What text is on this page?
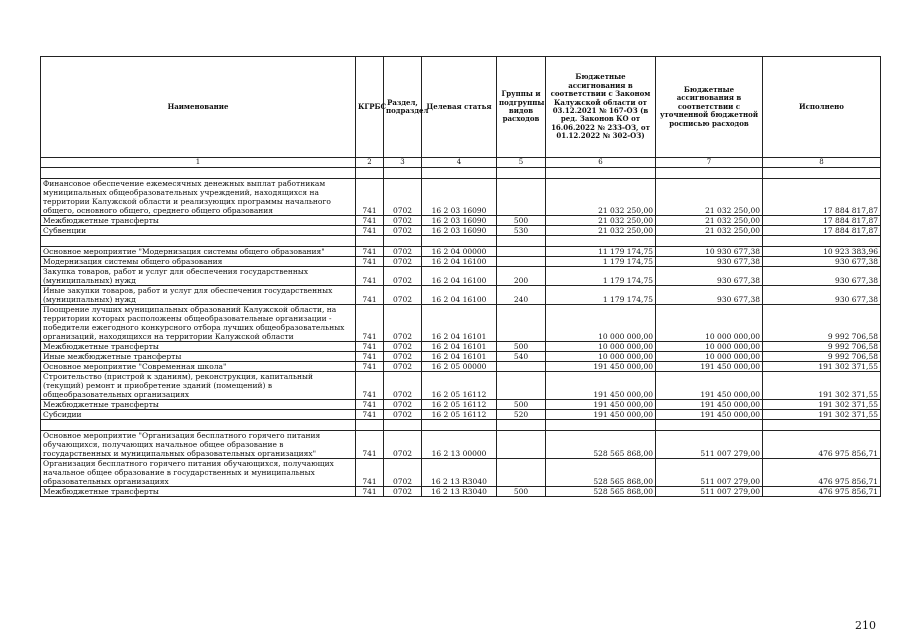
Наименование	КГРБС	Раздел, подраздел	Целевая статья	Группы и подгруппы видов расходов	Бюджетные ассигнования в соответствии с Законом Калужской области от 03.12.2021 № 167-ОЗ (в ред. Законов КО от 16.06.2022 № 233-ОЗ, от 01.12.2022 № 302-ОЗ)	Бюджетные ассигнования в соответствии с уточненной бюджетной росписью расходов	Исполнено
1	2	3	4	5	6	7	8

Финансовое обеспечение ежемесячных денежных выплат работникам муниципальных общеобразовательных учреждений, находящихся на территории Калужской области и реализующих программы начального общего, основного общего, среднего общего образования	741	0702	16 2 03 16090		21 032 250,00	21 032 250,00	17 884 817,87
Межбюджетные трансферты	741	0702	16 2 03 16090	500	21 032 250,00	21 032 250,00	17 884 817,87
Субвенции	741	0702	16 2 03 16090	530	21 032 250,00	21 032 250,00	17 884 817,87

Основное мероприятие "Модернизация системы общего образования"	741	0702	16 2 04 00000		11 179 174,75	10 930 677,38	10 923 383,96
Модернизация системы общего образования	741	0702	16 2 04 16100		1 179 174,75	930 677,38	930 677,38
Закупка товаров, работ и услуг для обеспечения государственных (муниципальных) нужд	741	0702	16 2 04 16100	200	1 179 174,75	930 677,38	930 677,38
Иные закупки товаров, работ и услуг для обеспечения государственных (муниципальных) нужд	741	0702	16 2 04 16100	240	1 179 174,75	930 677,38	930 677,38
Поощрение лучших муниципальных образований Калужской области, на территории которых расположены общеобразовательные организации - победители ежегодного конкурсного отбора лучших общеобразовательных организаций, находящихся на территории Калужской области	741	0702	16 2 04 16101		10 000 000,00	10 000 000,00	9 992 706,58
Межбюджетные трансферты	741	0702	16 2 04 16101	500	10 000 000,00	10 000 000,00	9 992 706,58
Иные межбюджетные трансферты	741	0702	16 2 04 16101	540	10 000 000,00	10 000 000,00	9 992 706,58
Основное мероприятие "Современная школа"	741	0702	16 2 05 00000		191 450 000,00	191 450 000,00	191 302 371,55
Строительство (пристрой к зданиям), реконструкция, капитальный (текущий) ремонт и приобретение зданий (помещений) в общеобразовательных организациях	741	0702	16 2 05 16112		191 450 000,00	191 450 000,00	191 302 371,55
Межбюджетные трансферты	741	0702	16 2 05 16112	500	191 450 000,00	191 450 000,00	191 302 371,55
Субсидии	741	0702	16 2 05 16112	520	191 450 000,00	191 450 000,00	191 302 371,55

Основное мероприятие "Организация бесплатного горячего питания обучающихся, получающих начальное общее образование в государственных и муниципальных образовательных организациях"	741	0702	16 2 13 00000		528 565 868,00	511 007 279,00	476 975 856,71
Организация бесплатного горячего питания обучающихся, получающих начальное общее образование в государственных и муниципальных образовательных организациях	741	0702	16 2 13 R3040		528 565 868,00	511 007 279,00	476 975 856,71
Межбюджетные трансферты	741	0702	16 2 13 R3040	500	528 565 868,00	511 007 279,00	476 975 856,71
210
